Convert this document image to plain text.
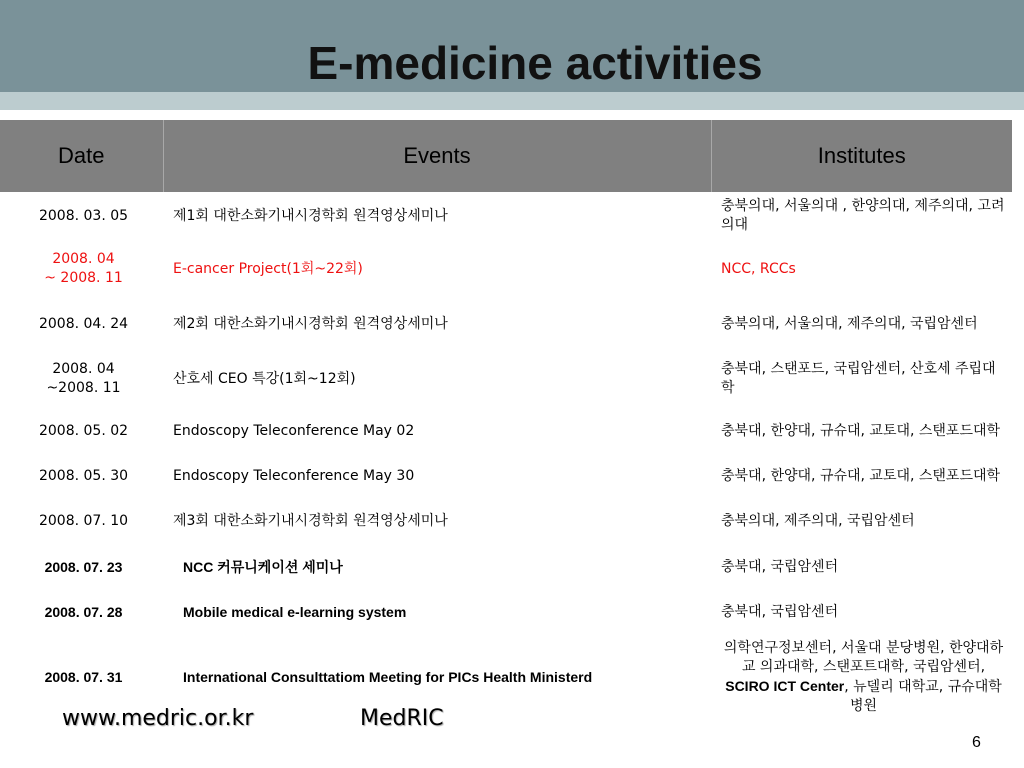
E-medicine activities
Date	Events	Institutes
2008. 03. 05	제1회 대한소화기내시경학회 원격영상세미나	충북의대, 서울의대 , 한양의대, 제주의대, 고려의대
2008. 04
~ 2008. 11	E-cancer Project(1회~22회)	NCC, RCCs
2008. 04. 24	제2회 대한소화기내시경학회 원격영상세미나	충북의대, 서울의대, 제주의대, 국립암센터
2008. 04
~2008. 11	산호세 CEO 특강(1회~12회)	충북대, 스탠포드, 국립암센터, 산호세 주립대학
2008. 05. 02	Endoscopy Teleconference May 02	충북대, 한양대, 규슈대, 교토대, 스탠포드대학
2008. 05. 30	Endoscopy Teleconference May 30	충북대, 한양대, 규슈대, 교토대, 스탠포드대학
2008. 07. 10	제3회 대한소화기내시경학회 원격영상세미나	충북의대, 제주의대, 국립암센터
2008. 07. 23	NCC 커뮤니케이션 세미나	충북대, 국립암센터
2008. 07. 28	Mobile medical e-learning system	충북대, 국립암센터
2008. 07. 31	International Consulttatiom Meeting for PICs Health Ministerd	의학연구정보센터, 서울대 분당병원, 한양대하교 의과대학, 스탠포트대학, 국립암센터, SCIRO ICT Center, 뉴델리 대학교, 규슈대학병원
www.medric.or.kr	MedRIC
6
